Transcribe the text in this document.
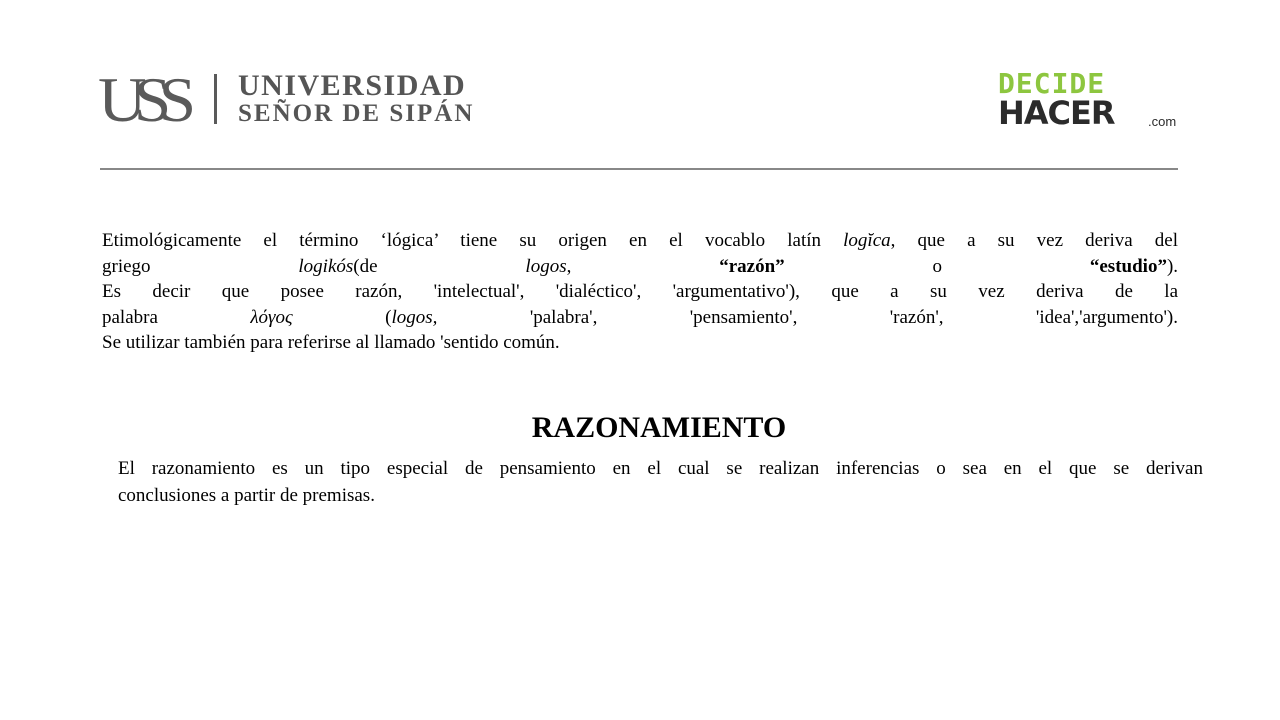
USS UNIVERSIDAD
SEÑOR DE SIPÁN
DECIDE
HACER	.com
Etimológicamente el término ‘lógica’ tiene su origen en el vocablo latín logĭca, que a su vez deriva del
griego logikós(de logos, “razón” o “estudio”).
Es decir que posee razón, 'intelectual', 'dialéctico', 'argumentativo'), que a su vez deriva de la
palabra λόγος (logos, 'palabra', 'pensamiento', 'razón', 'idea','argumento').
Se utilizar también para referirse al llamado 'sentido común.
RAZONAMIENTO
El razonamiento es un tipo especial de pensamiento en el cual se realizan inferencias o sea en el que se derivan
conclusiones a partir de premisas.
